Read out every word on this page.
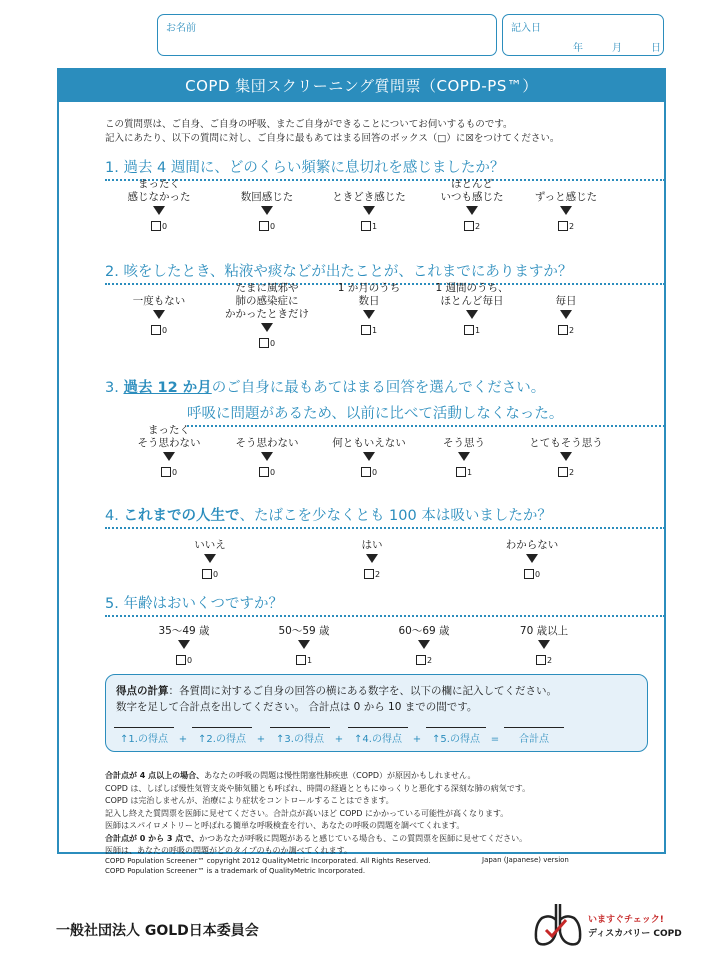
お名前	記入日
年	月	日
COPD 集団スクリーニング質問票（COPD-PS™）
この質問票は、ご自身、ご自身の呼吸、またご自身ができることについてお伺いするものです。
記入にあたり、以下の質問に対し、ご自身に最もあてはまる回答のボックス（□）に☒をつけてください。
1. 過去 4 週間に、どのくらい頻繁に息切れを感じましたか？
まったく
感じなかった
0
数回感じた
0
ときどき感じた
1
ほとんど
いつも感じた
2
ずっと感じた
2
2. 咳をしたとき、粘液や痰などが出たことが、これまでにありますか？
一度もない
0
たまに風邪や
肺の感染症に
かかったときだけ
0
1 か月のうち
数日
1
1 週間のうち、
ほとんど毎日
1
毎日
2
3. 過去 12 か月のご自身に最もあてはまる回答を選んでください。
呼吸に問題があるため、以前に比べて活動しなくなった。
まったく
そう思わない
0
そう思わない
0
何ともいえない
0
そう思う
1
とてもそう思う
2
4. これまでの人生で、たばこを少なくとも 100 本は吸いましたか？
いいえ
0
はい
2
わからない
0
5. 年齢はおいくつですか？
35〜49 歳
0
50〜59 歳
1
60〜69 歳
2
70 歳以上
2
得点の計算：各質問に対するご自身の回答の横にある数字を、以下の欄に記入してください。
数字を足して合計点を出してください。 合計点は 0 から 10 までの間です。
↑1.の得点	+	↑2.の得点	+	↑3.の得点	+	↑4.の得点	+	↑5.の得点	=	合計点
合計点が 4 点以上の場合、あなたの呼吸の問題は慢性閉塞性肺疾患（COPD）が原因かもしれません。
COPD は、しばしば慢性気管支炎や肺気腫とも呼ばれ、時間の経過とともにゆっくりと悪化する深刻な肺の病気です。
COPD は完治しませんが、治療により症状をコントロールすることはできます。
記入し終えた質問票を医師に見せてください。合計点が高いほど COPD にかかっている可能性が高くなります。
医師はスパイロメトリーと呼ばれる簡単な呼吸検査を行い、あなたの呼吸の問題を調べてくれます。
合計点が 0 から 3 点で、かつあなたが呼吸に問題があると感じている場合も、この質問票を医師に見せてください。
医師は、あなたの呼吸の問題がどのタイプのものか調べてくれます。
COPD Population Screener™ copyright 2012 QualityMetric Incorporated. All Rights Reserved.
COPD Population Screener™ is a trademark of QualityMetric Incorporated.
Japan (Japanese) version
一般社団法人 GOLD日本委員会
いますぐチェック!
ディスカバリー COPD
